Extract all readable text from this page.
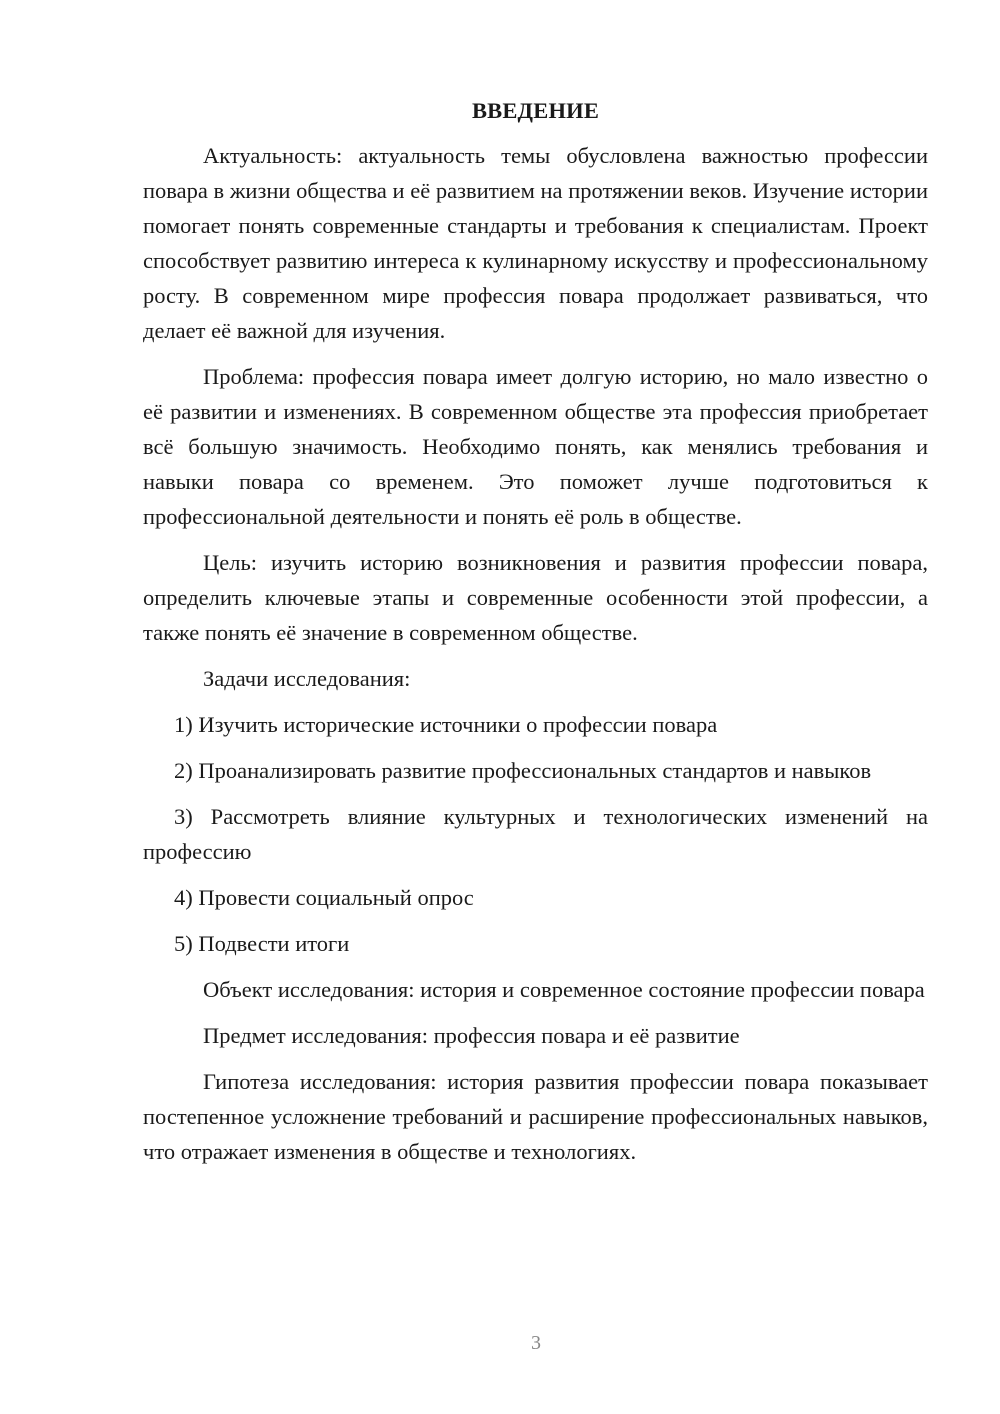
ВВЕДЕНИЕ

Актуальность: актуальность темы обусловлена важностью профессии повара в жизни общества и её развитием на протяжении веков. Изучение истории помогает понять современные стандарты и требования к специалистам. Проект способствует развитию интереса к кулинарному искусству и профессиональному росту. В современном мире профессия повара продолжает развиваться, что делает её важной для изучения.

Проблема: профессия повара имеет долгую историю, но мало известно о её развитии и изменениях. В современном обществе эта профессия приобретает всё большую значимость. Необходимо понять, как менялись требования и навыки повара со временем. Это поможет лучше подготовиться к профессиональной деятельности и понять её роль в обществе.

Цель: изучить историю возникновения и развития профессии повара, определить ключевые этапы и современные особенности этой профессии, а также понять её значение в современном обществе.

Задачи исследования:

1) Изучить исторические источники о профессии повара

2) Проанализировать развитие профессиональных стандартов и навыков

3) Рассмотреть влияние культурных и технологических изменений на профессию

4) Провести социальный опрос

5) Подвести итоги

Объект исследования: история и современное состояние профессии повара

Предмет исследования: профессия повара и её развитие

Гипотеза исследования: история развития профессии повара показывает постепенное усложнение требований и расширение профессиональных навыков, что отражает изменения в обществе и технологиях.

3
